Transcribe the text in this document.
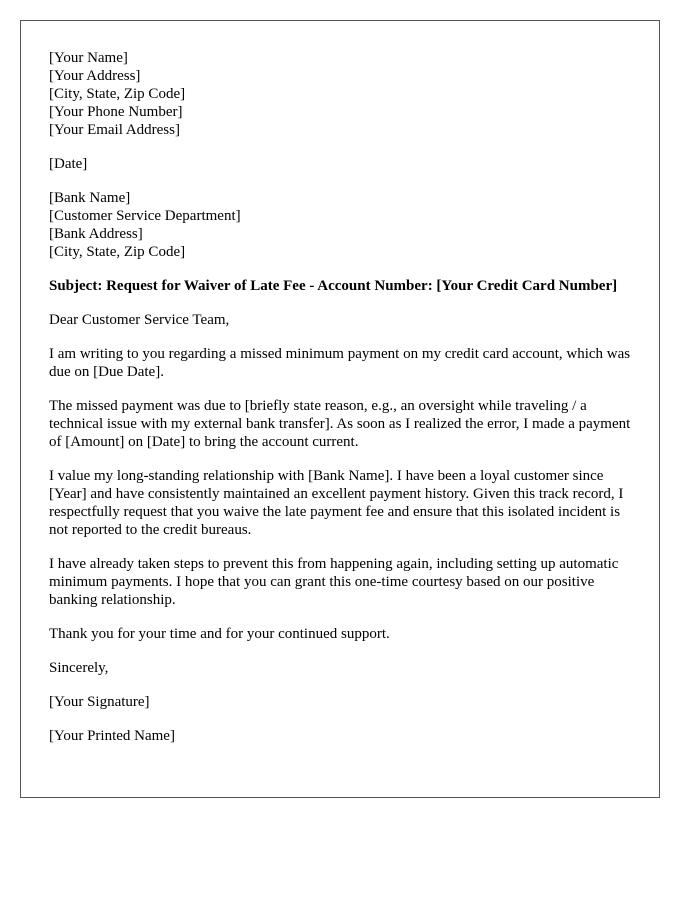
[Your Name]
[Your Address]
[City, State, Zip Code]
[Your Phone Number]
[Your Email Address]
[Date]
[Bank Name]
[Customer Service Department]
[Bank Address]
[City, State, Zip Code]
Subject: Request for Waiver of Late Fee - Account Number: [Your Credit Card Number]

Dear Customer Service Team,

I am writing to you regarding a missed minimum payment on my credit card account, which was due on [Due Date].

The missed payment was due to [briefly state reason, e.g., an oversight while traveling / a technical issue with my external bank transfer]. As soon as I realized the error, I made a payment of [Amount] on [Date] to bring the account current.

I value my long-standing relationship with [Bank Name]. I have been a loyal customer since [Year] and have consistently maintained an excellent payment history. Given this track record, I respectfully request that you waive the late payment fee and ensure that this isolated incident is not reported to the credit bureaus.

I have already taken steps to prevent this from happening again, including setting up automatic minimum payments. I hope that you can grant this one-time courtesy based on our positive banking relationship.

Thank you for your time and for your continued support.

Sincerely,

[Your Signature]

[Your Printed Name]
